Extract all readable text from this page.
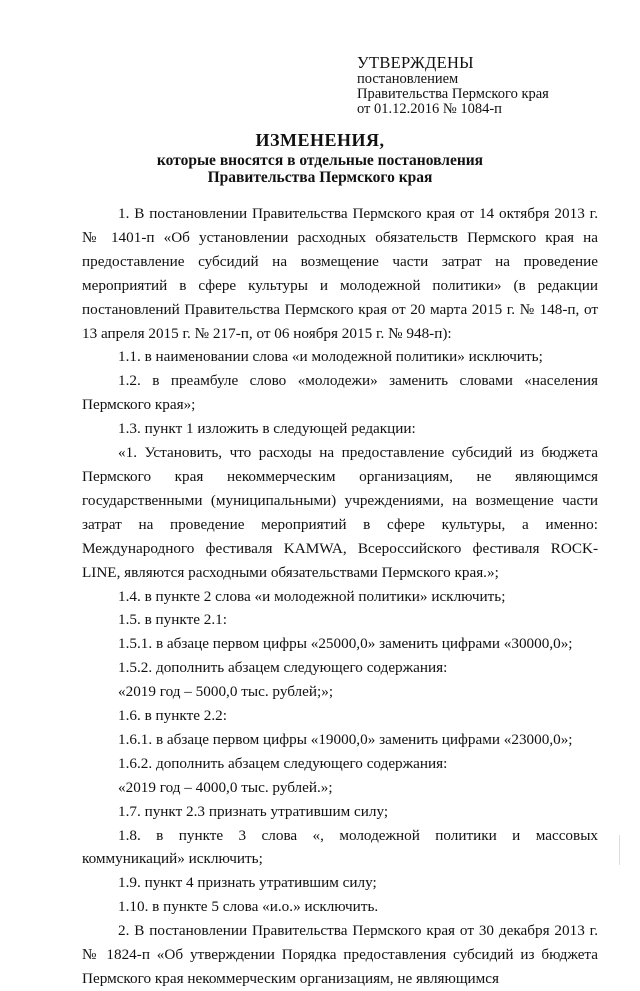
УТВЕРЖДЕНЫ
постановлением
Правительства Пермского края
от 01.12.2016 № 1084-п
ИЗМЕНЕНИЯ,
которые вносятся в отдельные постановления
Правительства Пермского края

1. В постановлении Правительства Пермского края от 14 октября 2013 г. № 1401-п «Об установлении расходных обязательств Пермского края на предоставление субсидий на возмещение части затрат на проведение мероприятий в сфере культуры и молодежной политики» (в редакции постановлений Правительства Пермского края от 20 марта 2015 г. № 148-п, от 13 апреля 2015 г. № 217-п, от 06 ноября 2015 г. № 948-п):

1.1. в наименовании слова «и молодежной политики» исключить;

1.2. в преамбуле слово «молодежи» заменить словами «населения Пермского края»;

1.3. пункт 1 изложить в следующей редакции:

«1. Установить, что расходы на предоставление субсидий из бюджета Пермского края некоммерческим организациям, не являющимся государственными (муниципальными) учреждениями, на возмещение части затрат на проведение мероприятий в сфере культуры, а именно: Международного фестиваля KAMWA, Всероссийского фестиваля ROCK-LINE, являются расходными обязательствами Пермского края.»;

1.4. в пункте 2 слова «и молодежной политики» исключить;

1.5. в пункте 2.1:

1.5.1. в абзаце первом цифры «25000,0» заменить цифрами «30000,0»;

1.5.2. дополнить абзацем следующего содержания:

«2019 год – 5000,0 тыс. рублей;»;

1.6. в пункте 2.2:

1.6.1. в абзаце первом цифры «19000,0» заменить цифрами «23000,0»;

1.6.2. дополнить абзацем следующего содержания:

«2019 год – 4000,0 тыс. рублей.»;

1.7. пункт 2.3 признать утратившим силу;

1.8. в пункте 3 слова «, молодежной политики и массовых коммуникаций» исключить;

1.9. пункт 4 признать утратившим силу;

1.10. в пункте 5 слова «и.о.» исключить.

2. В постановлении Правительства Пермского края от 30 декабря 2013 г. № 1824-п «Об утверждении Порядка предоставления субсидий из бюджета Пермского края некоммерческим организациям, не являющимся
